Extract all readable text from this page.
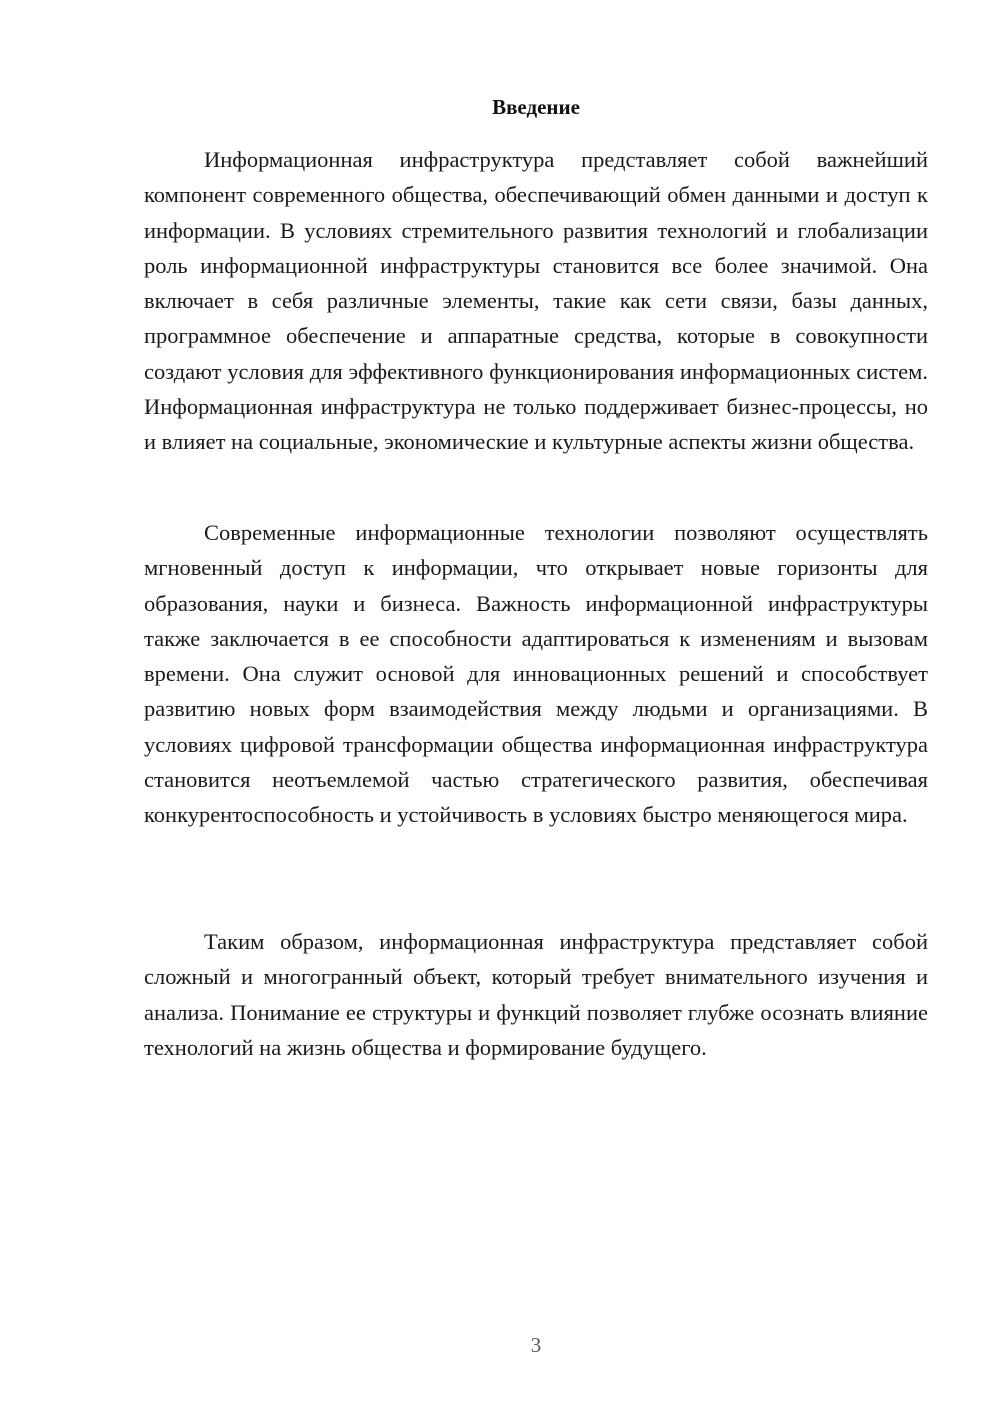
Введение

Информационная инфраструктура представляет собой важнейший компонент современного общества, обеспечивающий обмен данными и доступ к информации. В условиях стремительного развития технологий и глобализации роль информационной инфраструктуры становится все более значимой. Она включает в себя различные элементы, такие как сети связи, базы данных, программное обеспечение и аппаратные средства, которые в совокупности создают условия для эффективного функционирования информационных систем. Информационная инфраструктура не только поддерживает бизнес-процессы, но и влияет на социальные, экономические и культурные аспекты жизни общества.

Современные информационные технологии позволяют осуществлять мгновенный доступ к информации, что открывает новые горизонты для образования, науки и бизнеса. Важность информационной инфраструктуры также заключается в ее способности адаптироваться к изменениям и вызовам времени. Она служит основой для инновационных решений и способствует развитию новых форм взаимодействия между людьми и организациями. В условиях цифровой трансформации общества информационная инфраструктура становится неотъемлемой частью стратегического развития, обеспечивая конкурентоспособность и устойчивость в условиях быстро меняющегося мира.

Таким образом, информационная инфраструктура представляет собой сложный и многогранный объект, который требует внимательного изучения и анализа. Понимание ее структуры и функций позволяет глубже осознать влияние технологий на жизнь общества и формирование будущего.

3
